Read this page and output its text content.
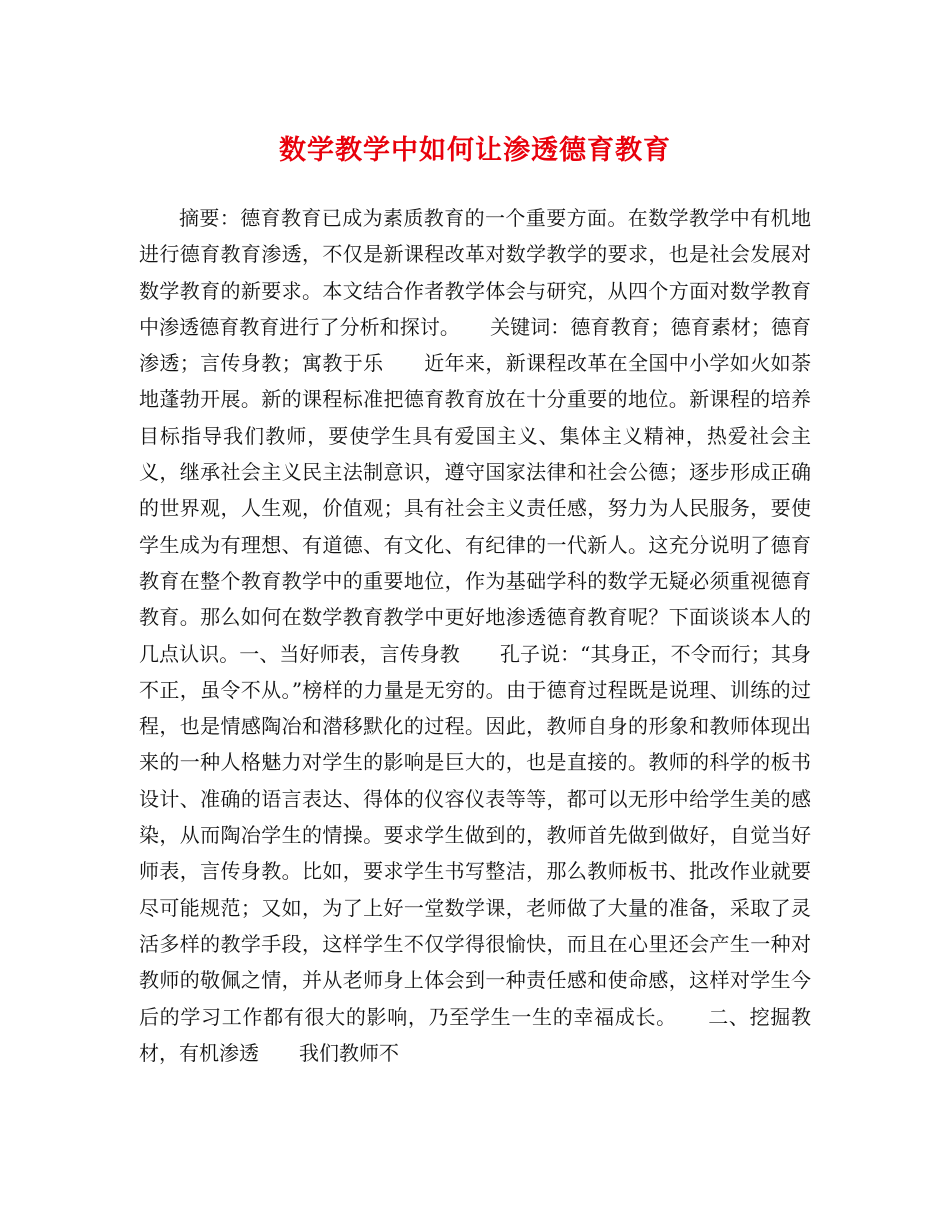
数学教学中如何让渗透德育教育

摘要：德育教育已成为素质教育的一个重要方面。在数学教学中有机地进行德育教育渗透，不仅是新课程改革对数学教学的要求，也是社会发展对数学教育的新要求。本文结合作者教学体会与研究，从四个方面对数学教育中渗透德育教育进行了分析和探讨。　　关键词：德育教育；德育素材；德育渗透；言传身教；寓教于乐　　近年来，新课程改革在全国中小学如火如荼地蓬勃开展。新的课程标准把德育教育放在十分重要的地位。新课程的培养目标指导我们教师，要使学生具有爱国主义、集体主义精神，热爱社会主义，继承社会主义民主法制意识，遵守国家法律和社会公德；逐步形成正确的世界观，人生观，价值观；具有社会主义责任感，努力为人民服务，要使学生成为有理想、有道德、有文化、有纪律的一代新人。这充分说明了德育教育在整个教育教学中的重要地位，作为基础学科的数学无疑必须重视德育教育。那么如何在数学教育教学中更好地渗透德育教育呢？下面谈谈本人的几点认识。一、当好师表，言传身教　　孔子说：“其身正，不令而行；其身不正，虽令不从。”榜样的力量是无穷的。由于德育过程既是说理、训练的过程，也是情感陶冶和潜移默化的过程。因此，教师自身的形象和教师体现出来的一种人格魅力对学生的影响是巨大的，也是直接的。教师的科学的板书设计、准确的语言表达、得体的仪容仪表等等，都可以无形中给学生美的感染，从而陶冶学生的情操。要求学生做到的，教师首先做到做好，自觉当好师表，言传身教。比如，要求学生书写整洁，那么教师板书、批改作业就要尽可能规范；又如，为了上好一堂数学课，老师做了大量的准备，采取了灵活多样的教学手段，这样学生不仅学得很愉快，而且在心里还会产生一种对教师的敬佩之情，并从老师身上体会到一种责任感和使命感，这样对学生今后的学习工作都有很大的影响，乃至学生一生的幸福成长。　　二、挖掘教材，有机渗透　　我们教师不
